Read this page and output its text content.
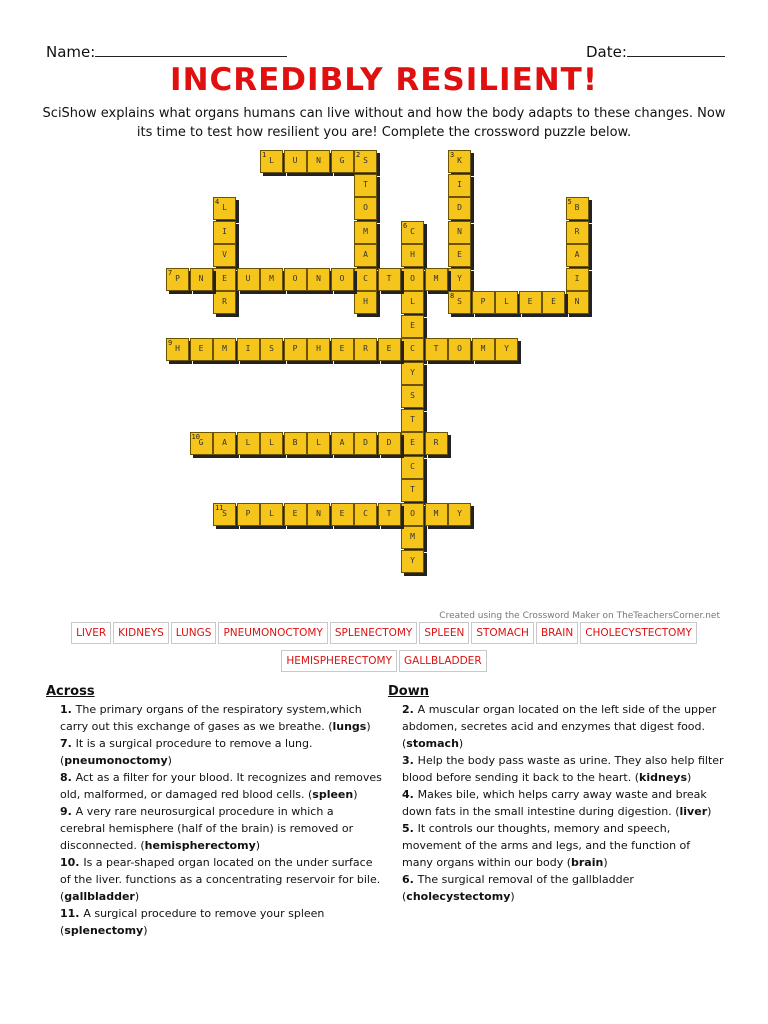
Name:	Date:
INCREDIBLY RESILIENT!
SciShow explains what organs humans can live without and how the body adapts to these changes. Now its time to test how resilient you are! Complete the crossword puzzle below.
L
1
U	N	G	S
2
T
O
M
A
C
H
K
3
I
D
N
E
Y
L
4
I
V
E
R
B
5
R
A
I
N
C
6
H
O
L
E
C
Y
S
T
E
C
T
O
M
Y
P
7
N	U	M	O	N	O	T	M
S
8
P	L	E	E
H
9
E	M	I	S	P	H	E	R	E	T	O	M	Y
G
10
A	L	L	B	L	A	D	D	R
S
11
P	L	E	N	E	C	T	M	Y
Created using the Crossword Maker on TheTeachersCorner.net
LIVER KIDNEYS LUNGS PNEUMONOCTOMY SPLENECTOMY SPLEEN STOMACH BRAIN CHOLECYSTECTOMY
HEMISPHERECTOMY GALLBLADDER
Across
1. The primary organs of the respiratory system,which carry out this exchange of gases as we breathe. (lungs)
7. It is a surgical procedure to remove a lung. (pneumonoctomy)
8. Act as a filter for your blood. It recognizes and removes old, malformed, or damaged red blood cells. (spleen)
9. A very rare neurosurgical procedure in which a cerebral hemisphere (half of the brain) is removed or disconnected. (hemispherectomy)
10. Is a pear-shaped organ located on the under surface of the liver. functions as a concentrating reservoir for bile. (gallbladder)
11. A surgical procedure to remove your spleen (splenectomy)
Down
2. A muscular organ located on the left side of the upper abdomen, secretes acid and enzymes that digest food. (stomach)
3. Help the body pass waste as urine. They also help filter blood before sending it back to the heart. (kidneys)
4. Makes bile, which helps carry away waste and break down fats in the small intestine during digestion. (liver)
5. It controls our thoughts, memory and speech, movement of the arms and legs, and the function of many organs within our body (brain)
6. The surgical removal of the gallbladder (cholecystectomy)
